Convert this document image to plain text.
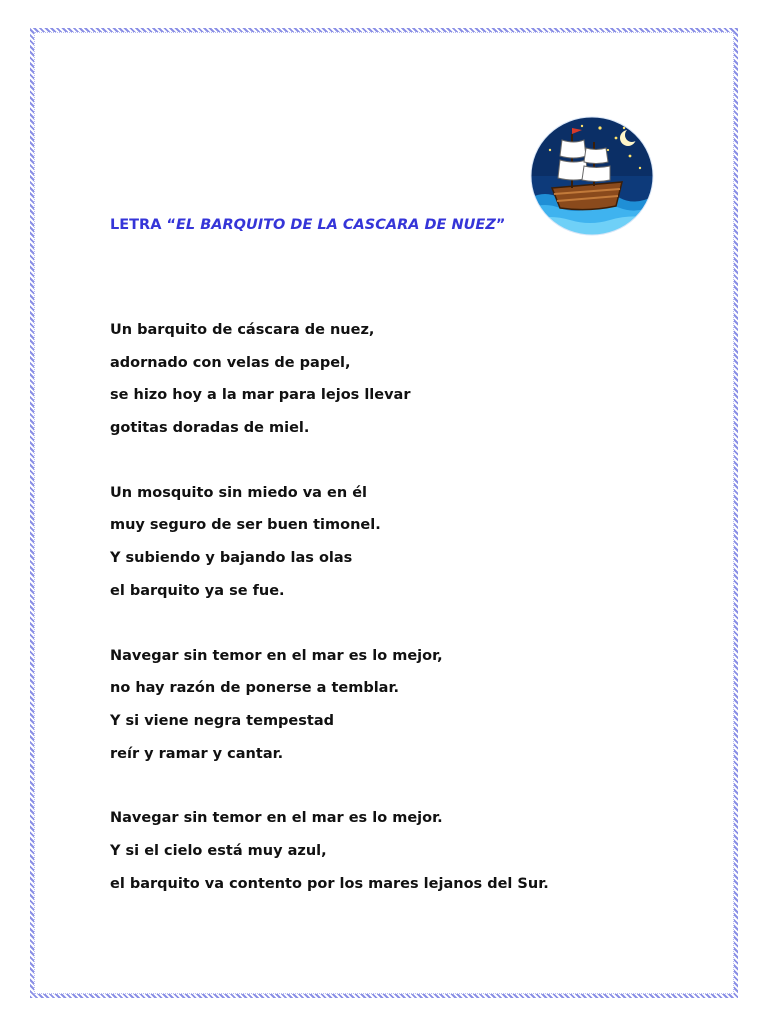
LETRA “EL BARQUITO DE LA CASCARA DE NUEZ”
Un barquito de cáscara de nuez,
adornado con velas de papel,
se hizo hoy a la mar para lejos llevar
gotitas doradas de miel.
Un mosquito sin miedo va en él
muy seguro de ser buen timonel.
Y subiendo y bajando las olas
el barquito ya se fue.
Navegar sin temor en el mar es lo mejor,
no hay razón de ponerse a temblar.
Y si viene negra tempestad
reír y ramar y cantar.
Navegar sin temor en el mar es lo mejor.
Y si el cielo está muy azul,
el barquito va contento por los mares lejanos del Sur.
